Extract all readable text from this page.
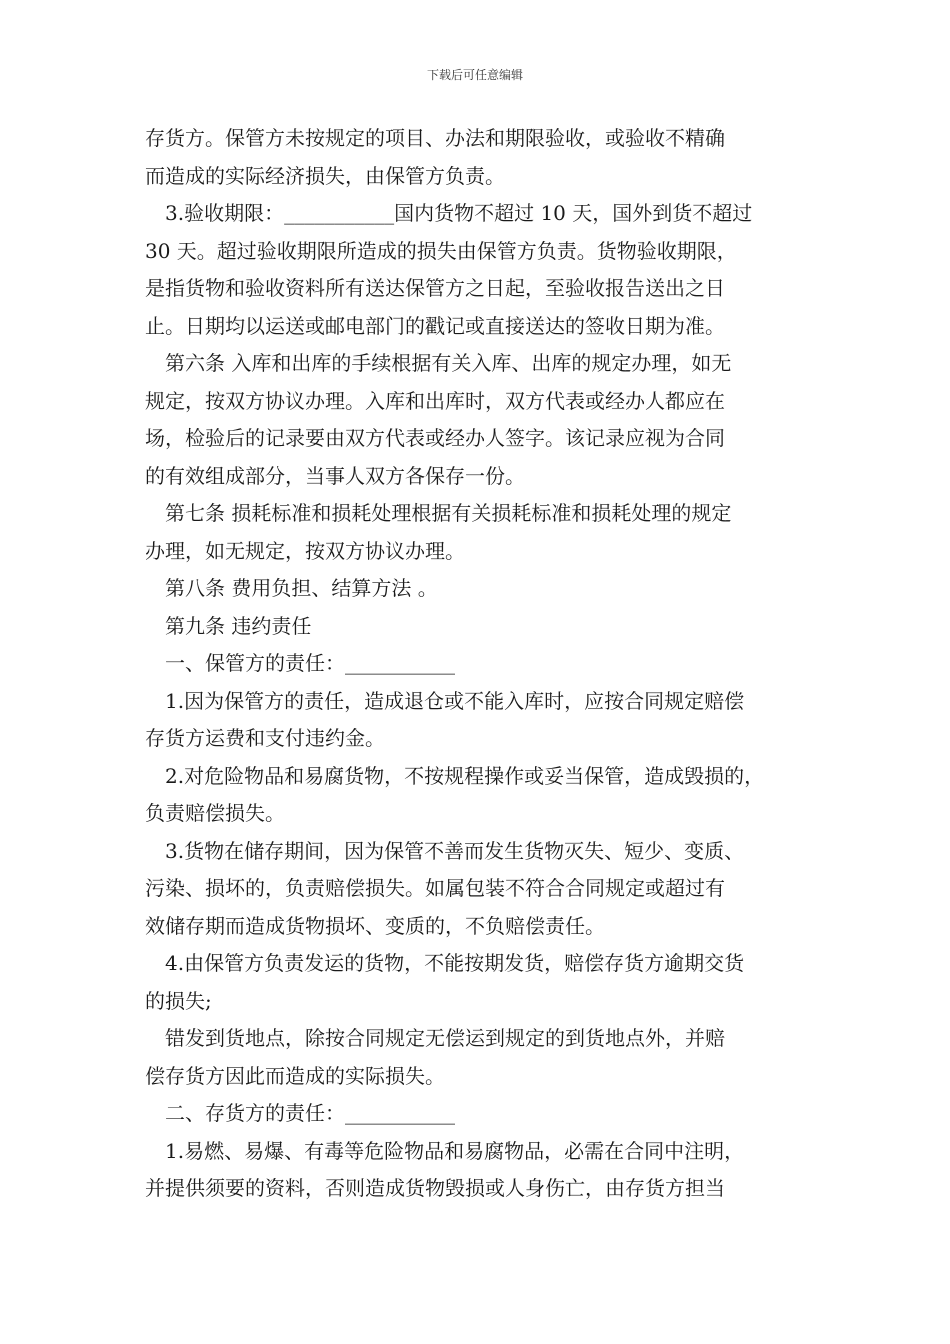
下载后可任意编辑

存货方。保管方未按规定的项目、办法和期限验收，或验收不精确
而造成的实际经济损失，由保管方负责。

3.验收期限：___________国内货物不超过 10 天，国外到货不超过
30 天。超过验收期限所造成的损失由保管方负责。货物验收期限，
是指货物和验收资料所有送达保管方之日起，至验收报告送出之日
止。日期均以运送或邮电部门的戳记或直接送达的签收日期为准。

第六条 入库和出库的手续根据有关入库、出库的规定办理，如无
规定，按双方协议办理。入库和出库时，双方代表或经办人都应在
场，检验后的记录要由双方代表或经办人签字。该记录应视为合同
的有效组成部分，当事人双方各保存一份。

第七条 损耗标准和损耗处理根据有关损耗标准和损耗处理的规定
办理，如无规定，按双方协议办理。

第八条 费用负担、结算方法 。

第九条 违约责任

一、保管方的责任：___________

1.因为保管方的责任，造成退仓或不能入库时，应按合同规定赔偿
存货方运费和支付违约金。

2.对危险物品和易腐货物，不按规程操作或妥当保管，造成毁损的，
负责赔偿损失。

3.货物在储存期间，因为保管不善而发生货物灭失、短少、变质、
污染、损坏的，负责赔偿损失。如属包装不符合合同规定或超过有
效储存期而造成货物损坏、变质的，不负赔偿责任。

4.由保管方负责发运的货物，不能按期发货，赔偿存货方逾期交货
的损失;

错发到货地点，除按合同规定无偿运到规定的到货地点外，并赔
偿存货方因此而造成的实际损失。

二、存货方的责任：___________

1.易燃、易爆、有毒等危险物品和易腐物品，必需在合同中注明，
并提供须要的资料，否则造成货物毁损或人身伤亡，由存货方担当
